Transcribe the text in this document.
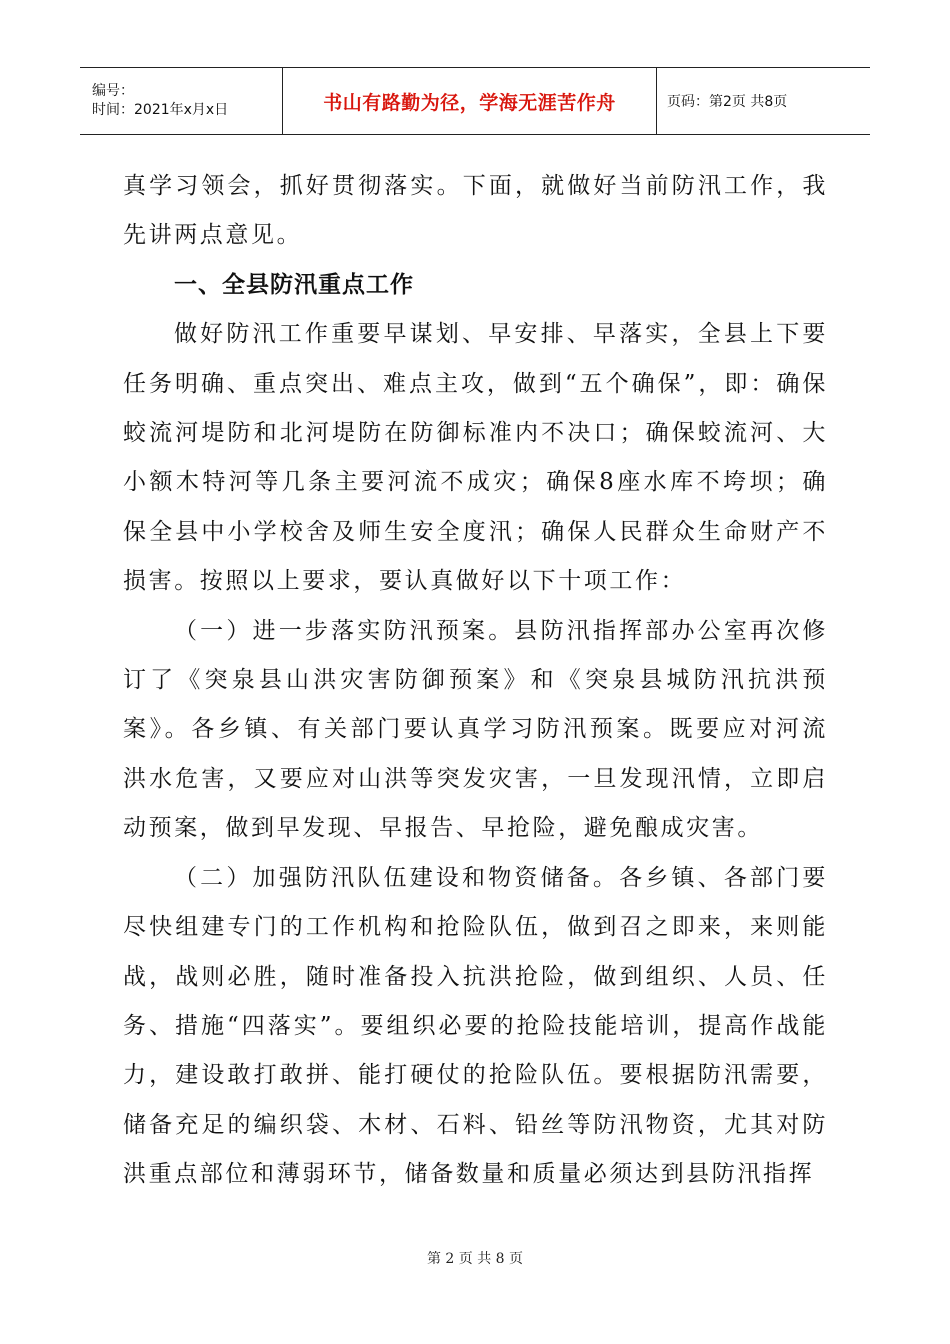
编号：
时间：2021年x月x日	书山有路勤为径，学海无涯苦作舟	页码：第2页 共8页

真学习领会，抓好贯彻落实。下面，就做好当前防汛工作，我先讲两点意见。

一、全县防汛重点工作

做好防汛工作重要早谋划、早安排、早落实，全县上下要任务明确、重点突出、难点主攻，做到“五个确保”，即：确保蛟流河堤防和北河堤防在防御标准内不决口；确保蛟流河、大小额木特河等几条主要河流不成灾；确保8座水库不垮坝；确保全县中小学校舍及师生安全度汛；确保人民群众生命财产不损害。按照以上要求，要认真做好以下十项工作：

（一）进一步落实防汛预案。县防汛指挥部办公室再次修订了《突泉县山洪灾害防御预案》和《突泉县城防汛抗洪预案》。各乡镇、有关部门要认真学习防汛预案。既要应对河流洪水危害，又要应对山洪等突发灾害，一旦发现汛情，立即启动预案，做到早发现、早报告、早抢险，避免酿成灾害。

（二）加强防汛队伍建设和物资储备。各乡镇、各部门要尽快组建专门的工作机构和抢险队伍，做到召之即来，来则能战，战则必胜，随时准备投入抗洪抢险，做到组织、人员、任务、措施“四落实”。要组织必要的抢险技能培训，提高作战能力，建设敢打敢拼、能打硬仗的抢险队伍。要根据防汛需要，储备充足的编织袋、木材、石料、铅丝等防汛物资，尤其对防洪重点部位和薄弱环节，储备数量和质量必须达到县防汛指挥

第 2 页 共 8 页
